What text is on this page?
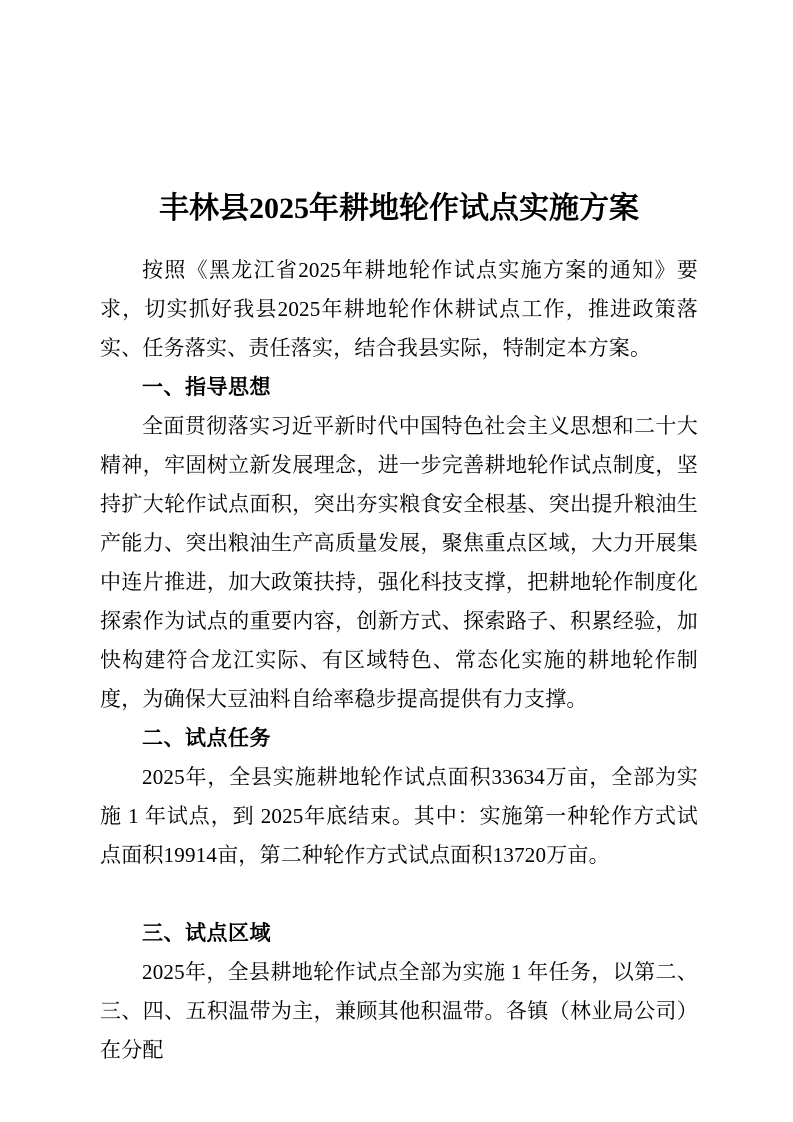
丰林县2025年耕地轮作试点实施方案

按照《黑龙江省2025年耕地轮作试点实施方案的通知》要求，切实抓好我县2025年耕地轮作休耕试点工作，推进政策落实、任务落实、责任落实，结合我县实际，特制定本方案。

一、指导思想

全面贯彻落实习近平新时代中国特色社会主义思想和二十大精神，牢固树立新发展理念，进一步完善耕地轮作试点制度，坚持扩大轮作试点面积，突出夯实粮食安全根基、突出提升粮油生产能力、突出粮油生产高质量发展，聚焦重点区域，大力开展集中连片推进，加大政策扶持，强化科技支撑，把耕地轮作制度化探索作为试点的重要内容，创新方式、探索路子、积累经验，加快构建符合龙江实际、有区域特色、常态化实施的耕地轮作制度，为确保大豆油料自给率稳步提高提供有力支撑。

二、试点任务

2025年，全县实施耕地轮作试点面积33634万亩，全部为实施 1 年试点，到 2025年底结束。其中：实施第一种轮作方式试点面积19914亩，第二种轮作方式试点面积13720万亩。

三、试点区域

2025年，全县耕地轮作试点全部为实施 1 年任务，以第二、三、四、五积温带为主，兼顾其他积温带。各镇（林业局公司） 在分配
